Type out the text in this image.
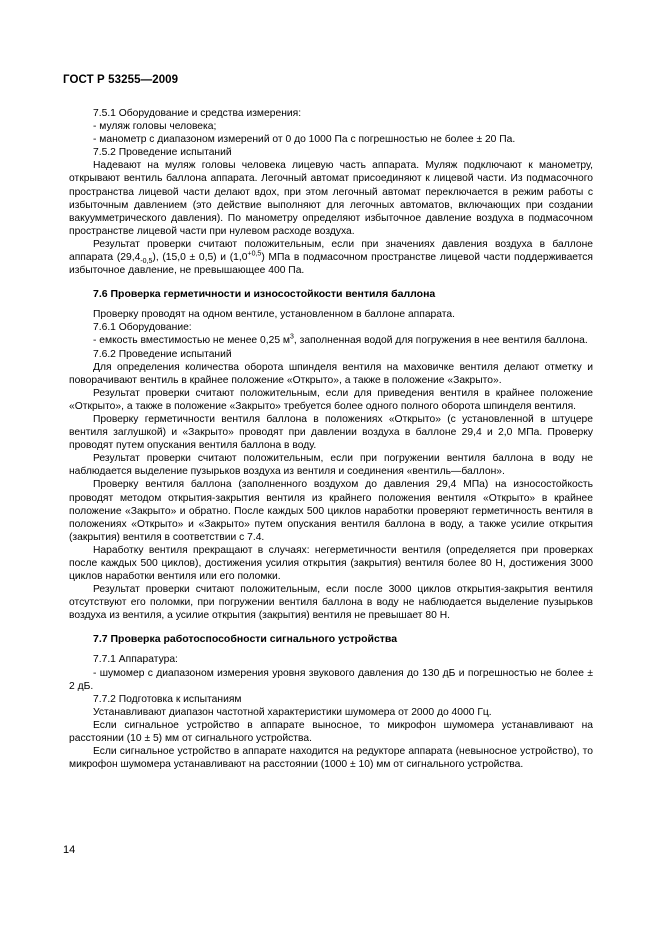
ГОСТ Р 53255—2009

7.5.1 Оборудование и средства измерения:

- муляж головы человека;

- манометр с диапазоном измерений от 0 до 1000 Па с погрешностью не более ± 20 Па.

7.5.2 Проведение испытаний

Надевают на муляж головы человека лицевую часть аппарата. Муляж подключают к манометру, открывают вентиль баллона аппарата. Легочный автомат присоединяют к лицевой части. Из подмасочного пространства лицевой части делают вдох, при этом легочный автомат переключается в режим работы с избыточным давлением (это действие выполняют для легочных автоматов, включающих при создании вакуумметрического давления). По манометру определяют избыточное давление воздуха в подмасочном пространстве лицевой части при нулевом расходе воздуха.

Результат проверки считают положительным, если при значениях давления воздуха в баллоне аппарата $(29,4_{-0,5})$, (15,0 ± 0,5) и $(1,0^{+0,5})$ МПа в подмасочном пространстве лицевой части поддерживается избыточное давление, не превышающее 400 Па.

7.6 Проверка герметичности и износостойкости вентиля баллона

Проверку проводят на одном вентиле, установленном в баллоне аппарата.

7.6.1 Оборудование:

- емкость вместимостью не менее 0,25 $м^3$, заполненная водой для погружения в нее вентиля баллона.

7.6.2 Проведение испытаний

Для определения количества оборота шпинделя вентиля на маховичке вентиля делают отметку и поворачивают вентиль в крайнее положение «Открыто», а также в положение «Закрыто».

Результат проверки считают положительным, если для приведения вентиля в крайнее положение «Открыто», а также в положение «Закрыто» требуется более одного полного оборота шпинделя вентиля.

Проверку герметичности вентиля баллона в положениях «Открыто» (с установленной в штуцере вентиля заглушкой) и «Закрыто» проводят при давлении воздуха в баллоне 29,4 и 2,0 МПа. Проверку проводят путем опускания вентиля баллона в воду.

Результат проверки считают положительным, если при погружении вентиля баллона в воду не наблюдается выделение пузырьков воздуха из вентиля и соединения «вентиль—баллон».

Проверку вентиля баллона (заполненного воздухом до давления 29,4 МПа) на износостойкость проводят методом открытия-закрытия вентиля из крайнего положения вентиля «Открыто» в крайнее положение «Закрыто» и обратно. После каждых 500 циклов наработки проверяют герметичность вентиля в положениях «Открыто» и «Закрыто» путем опускания вентиля баллона в воду, а также усилие открытия (закрытия) вентиля в соответствии с 7.4.

Наработку вентиля прекращают в случаях: негерметичности вентиля (определяется при проверках после каждых 500 циклов), достижения усилия открытия (закрытия) вентиля более 80 Н, достижения 3000 циклов наработки вентиля или его поломки.

Результат проверки считают положительным, если после 3000 циклов открытия-закрытия вентиля отсутствуют его поломки, при погружении вентиля баллона в воду не наблюдается выделение пузырьков воздуха из вентиля, а усилие открытия (закрытия) вентиля не превышает 80 Н.

7.7 Проверка работоспособности сигнального устройства

7.7.1 Аппаратура:

- шумомер с диапазоном измерения уровня звукового давления до 130 дБ и погрешностью не более ± 2 дБ.

7.7.2 Подготовка к испытаниям

Устанавливают диапазон частотной характеристики шумомера от 2000 до 4000 Гц.

Если сигнальное устройство в аппарате выносное, то микрофон шумомера устанавливают на расстоянии (10 ± 5) мм от сигнального устройства.

Если сигнальное устройство в аппарате находится на редукторе аппарата (невыносное устройство), то микрофон шумомера устанавливают на расстоянии (1000 ± 10) мм от сигнального устройства.

14
